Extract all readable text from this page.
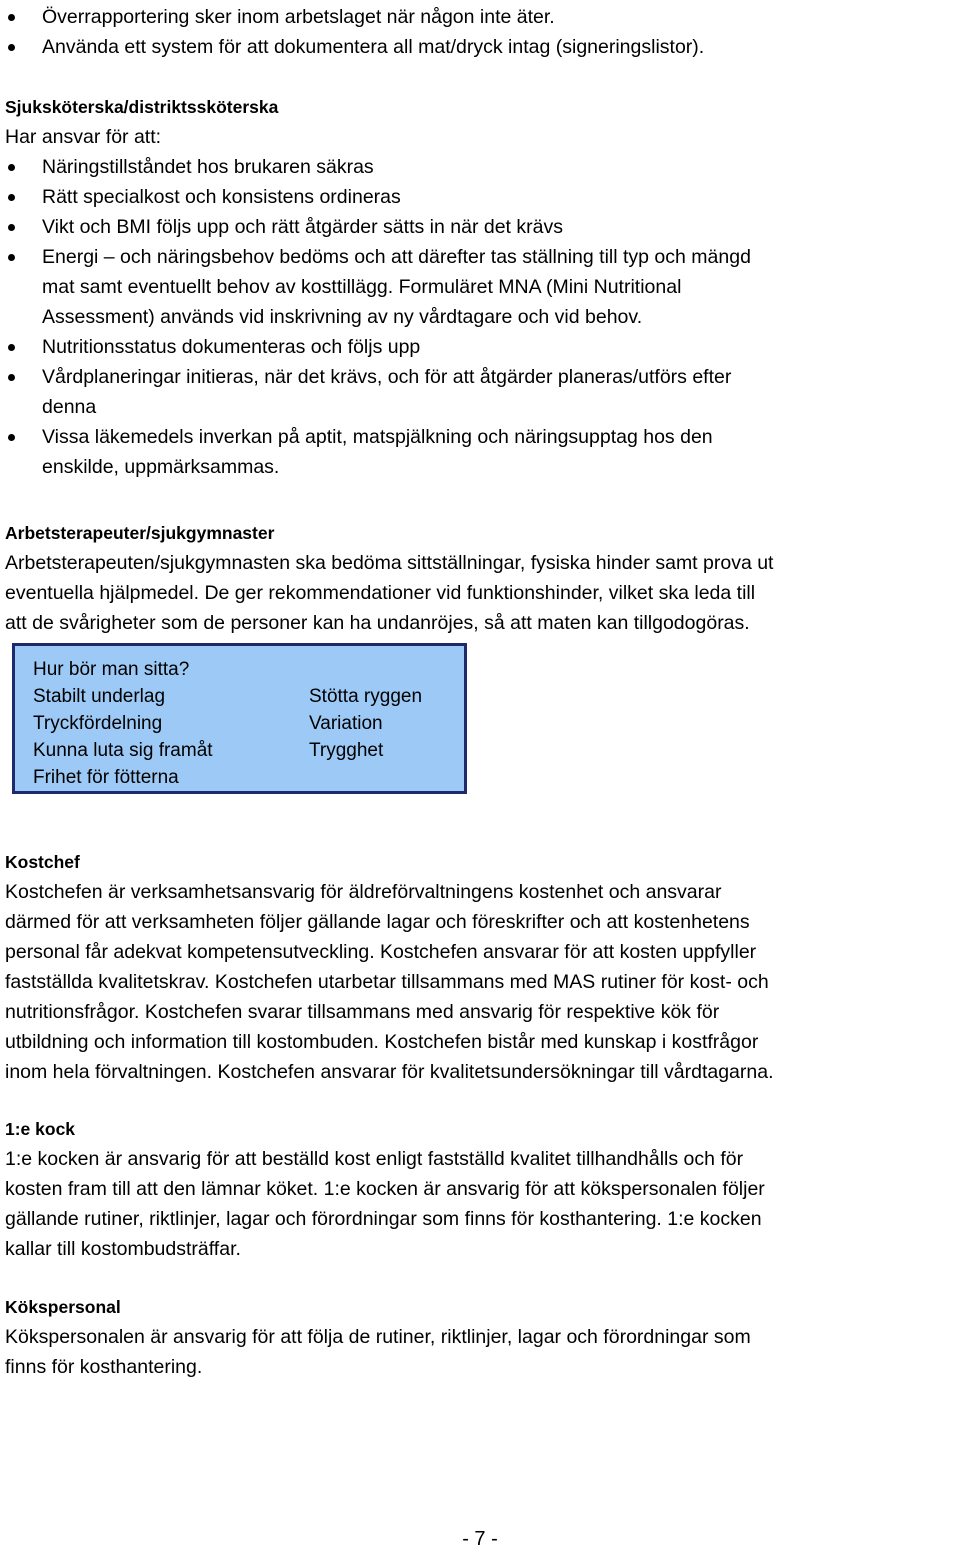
Överrapportering sker inom arbetslaget när någon inte äter.
Använda ett system för att dokumentera all mat/dryck intag (signeringslistor).
Sjuksköterska/distriktssköterska
Har ansvar för att:
Näringstillståndet hos brukaren säkras
Rätt specialkost och konsistens ordineras
Vikt och BMI följs upp och rätt åtgärder sätts in när det krävs
Energi – och näringsbehov bedöms och att därefter tas ställning till typ och mängd
mat samt eventuellt behov av kosttillägg. Formuläret MNA (Mini Nutritional
Assessment) används vid inskrivning av ny vårdtagare och vid behov.
Nutritionsstatus dokumenteras och följs upp
Vårdplaneringar initieras, när det krävs, och för att åtgärder planeras/utförs efter
denna
Vissa läkemedels inverkan på aptit, matspjälkning och näringsupptag hos den
enskilde, uppmärksammas.
Arbetsterapeuter/sjukgymnaster
Arbetsterapeuten/sjukgymnasten ska bedöma sittställningar, fysiska hinder samt prova ut
eventuella hjälpmedel. De ger rekommendationer vid funktionshinder, vilket ska leda till
att de svårigheter som de personer kan ha undanröjes, så att maten kan tillgodogöras.
Hur bör man sitta?
Stabilt underlag
Tryckfördelning
Kunna luta sig framåt
Frihet för fötterna
Stötta ryggen
Variation
Trygghet
Kostchef
Kostchefen är verksamhetsansvarig för äldreförvaltningens kostenhet och ansvarar
därmed för att verksamheten följer gällande lagar och föreskrifter och att kostenhetens
personal får adekvat kompetensutveckling. Kostchefen ansvarar för att kosten uppfyller
fastställda kvalitetskrav. Kostchefen utarbetar tillsammans med MAS rutiner för kost- och
nutritionsfrågor. Kostchefen svarar tillsammans med ansvarig för respektive kök för
utbildning och information till kostombuden. Kostchefen bistår med kunskap i kostfrågor
inom hela förvaltningen. Kostchefen ansvarar för kvalitetsundersökningar till vårdtagarna.
1:e kock
1:e kocken är ansvarig för att beställd kost enligt fastställd kvalitet tillhandhålls och för
kosten fram till att den lämnar köket. 1:e kocken är ansvarig för att kökspersonalen följer
gällande rutiner, riktlinjer, lagar och förordningar som finns för kosthantering. 1:e kocken
kallar till kostombudsträffar.
Kökspersonal
Kökspersonalen är ansvarig för att följa de rutiner, riktlinjer, lagar och förordningar som
finns för kosthantering.
- 7 -
